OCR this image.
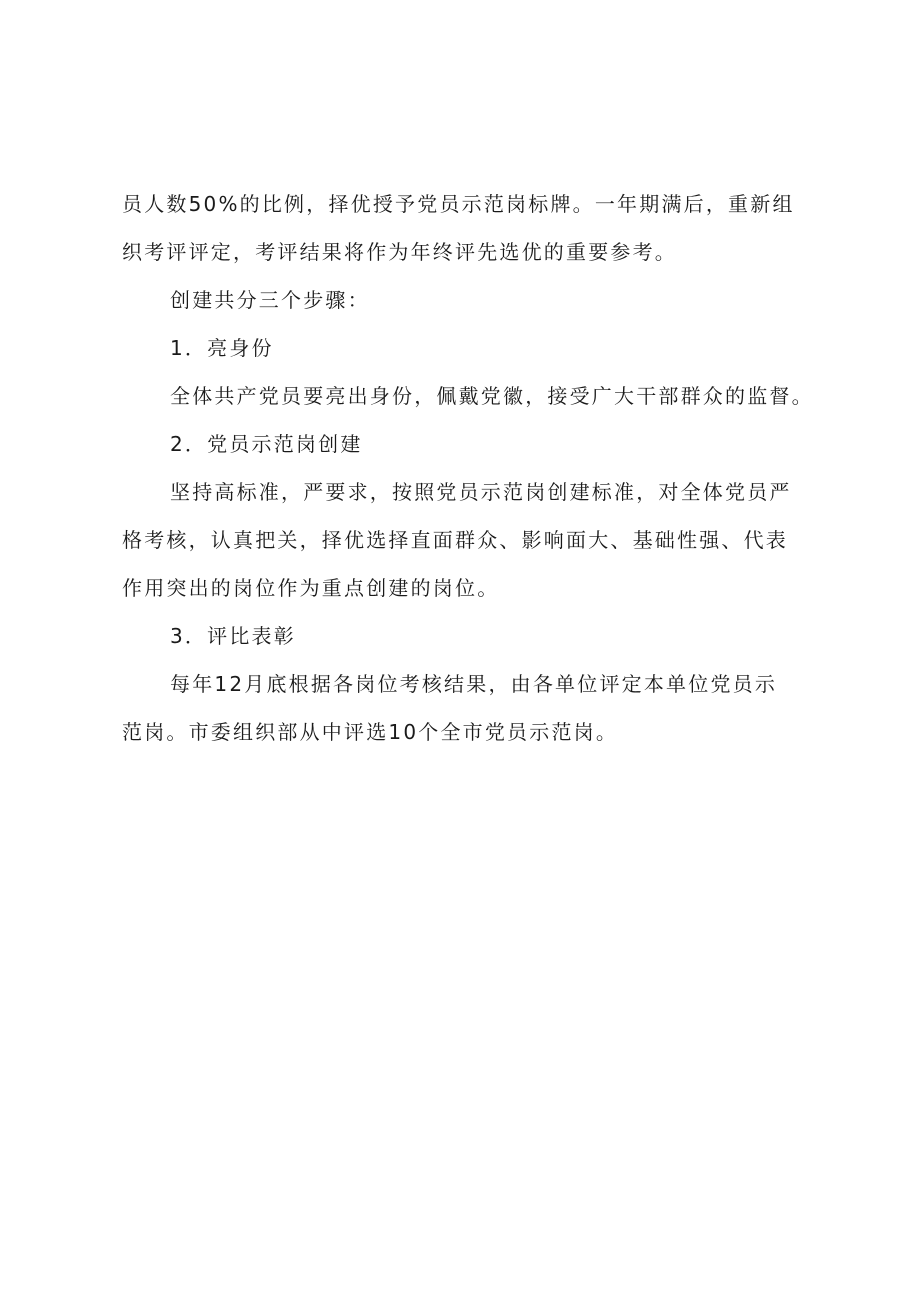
员人数50%的比例，择优授予党员示范岗标牌。一年期满后，重新组

织考评评定，考评结果将作为年终评先选优的重要参考。

创建共分三个步骤：

1．亮身份

全体共产党员要亮出身份，佩戴党徽，接受广大干部群众的监督。

2．党员示范岗创建

坚持高标准，严要求，按照党员示范岗创建标准，对全体党员严

格考核，认真把关，择优选择直面群众、影响面大、基础性强、代表

作用突出的岗位作为重点创建的岗位。

3．评比表彰

每年12月底根据各岗位考核结果，由各单位评定本单位党员示

范岗。市委组织部从中评选10个全市党员示范岗。
